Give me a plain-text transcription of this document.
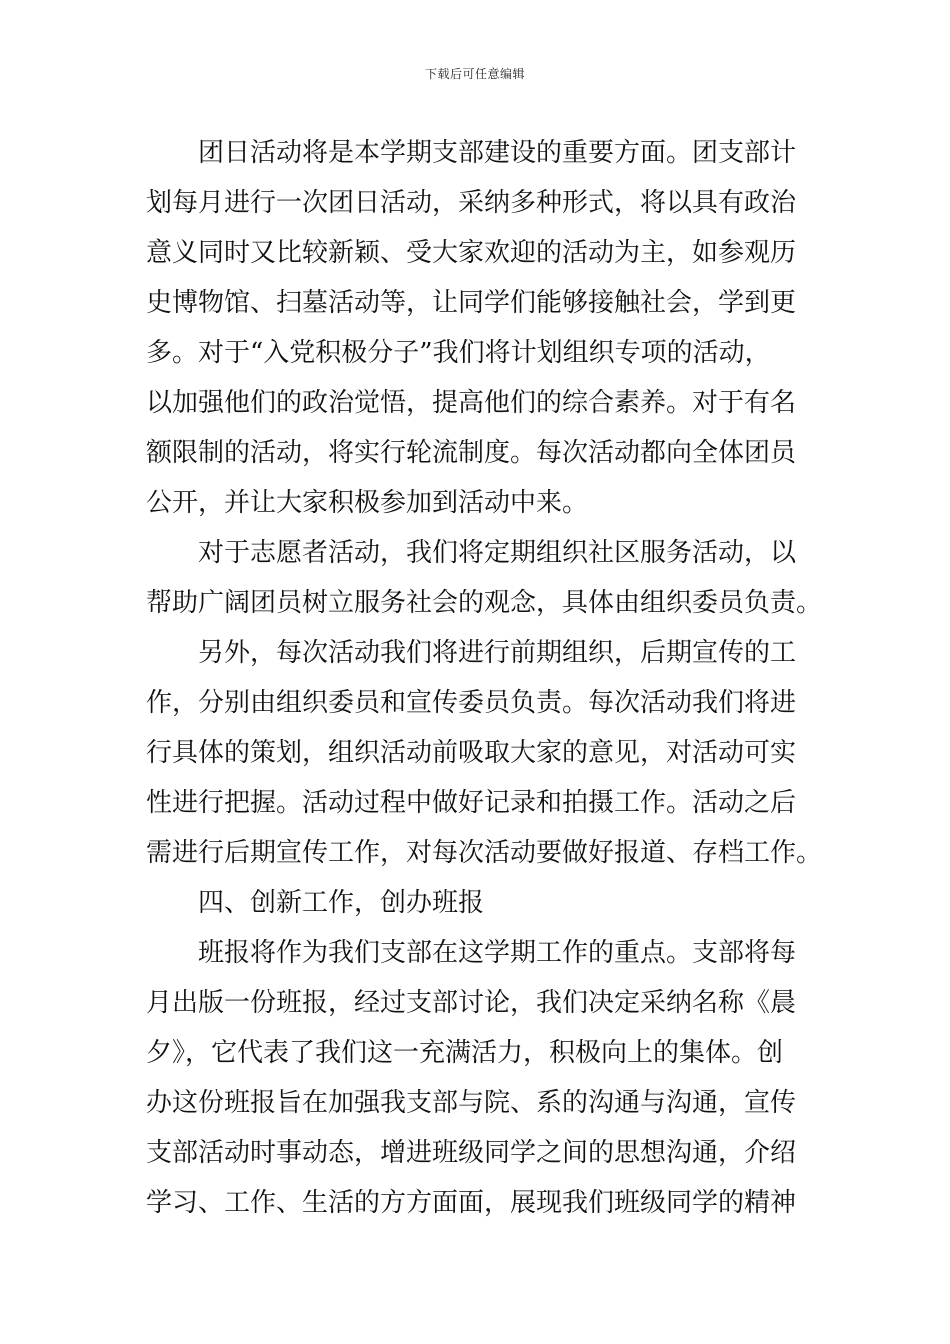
下载后可任意编辑
团日活动将是本学期支部建设的重要方面。团支部计
划每月进行一次团日活动，采纳多种形式，将以具有政治
意义同时又比较新颖、受大家欢迎的活动为主，如参观历
史博物馆、扫墓活动等，让同学们能够接触社会，学到更
多。对于“入党积极分子”我们将计划组织专项的活动，
以加强他们的政治觉悟，提高他们的综合素养。对于有名
额限制的活动，将实行轮流制度。每次活动都向全体团员
公开，并让大家积极参加到活动中来。
对于志愿者活动，我们将定期组织社区服务活动，以
帮助广阔团员树立服务社会的观念，具体由组织委员负责。
另外，每次活动我们将进行前期组织，后期宣传的工
作，分别由组织委员和宣传委员负责。每次活动我们将进
行具体的策划，组织活动前吸取大家的意见，对活动可实
性进行把握。活动过程中做好记录和拍摄工作。活动之后
需进行后期宣传工作，对每次活动要做好报道、存档工作。
四、创新工作，创办班报
班报将作为我们支部在这学期工作的重点。支部将每
月出版一份班报，经过支部讨论，我们决定采纳名称《晨
夕》，它代表了我们这一充满活力，积极向上的集体。创
办这份班报旨在加强我支部与院、系的沟通与沟通，宣传
支部活动时事动态，增进班级同学之间的思想沟通，介绍
学习、工作、生活的方方面面，展现我们班级同学的精神
